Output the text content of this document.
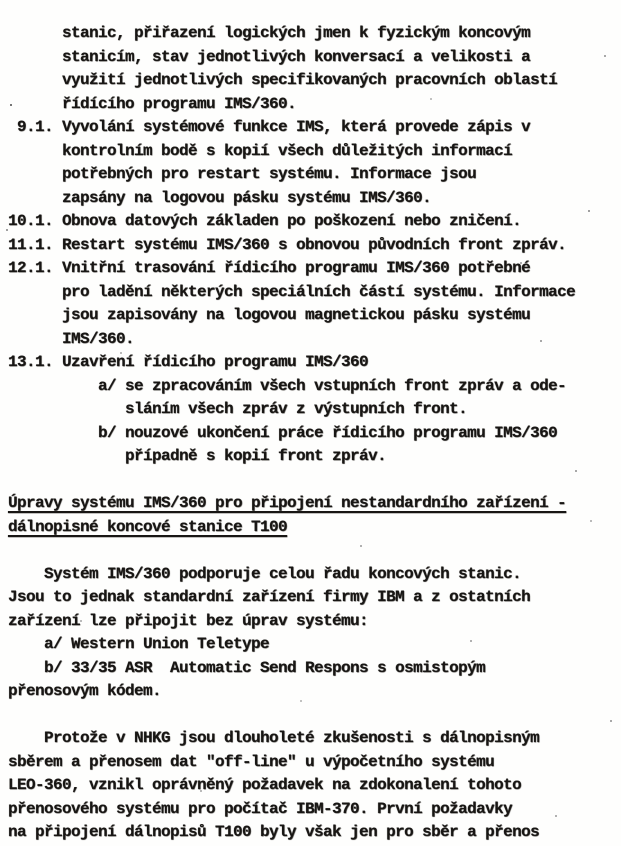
stanic, přiřazení logických jmen k fyzickým koncovým
stanicím, stav jednotlivých konversací a velikosti a
využití jednotlivých specifikovaných pracovních oblastí
řídícího programu IMS/360.
9.1. Vyvolání systémové funkce IMS, která provede zápis v
kontrolním bodě s kopií všech důležitých informací
potřebných pro restart systému. Informace jsou
zapsány na logovou pásku systému IMS/360.
10.1. Obnova datových základen po poškození nebo zničení.
11.1. Restart systému IMS/360 s obnovou původních front zpráv.
12.1. Vnitřní trasování řídicího programu IMS/360 potřebné
pro ladění některých speciálních částí systému. Informace
jsou zapisovány na logovou magnetickou pásku systému
IMS/360.
13.1. Uzavření řídicího programu IMS/360
a/ se zpracováním všech vstupních front zpráv a ode-
sláním všech zpráv z výstupních front.
b/ nouzové ukončení práce řídicího programu IMS/360
případně s kopií front zpráv.
Úpravy systému IMS/360 pro připojení nestandardního zařízení -
dálnopisné koncové stanice T100
Systém IMS/360 podporuje celou řadu koncových stanic.
Jsou to jednak standardní zařízení firmy IBM a z ostatních
zařízení lze připojit bez úprav systému:
a/ Western Union Teletype
b/ 33/35 ASR  Automatic Send Respons s osmistopým
přenosovým kódem.
Protože v NHKG jsou dlouholeté zkušenosti s dálnopisným
sběrem a přenosem dat "off-line" u výpočetního systému
LEO-360, vznikl oprávněný požadavek na zdokonalení tohoto
přenosového systému pro počítač IBM-370. První požadavky
na připojení dálnopisů T100 byly však jen pro sběr a přenos
